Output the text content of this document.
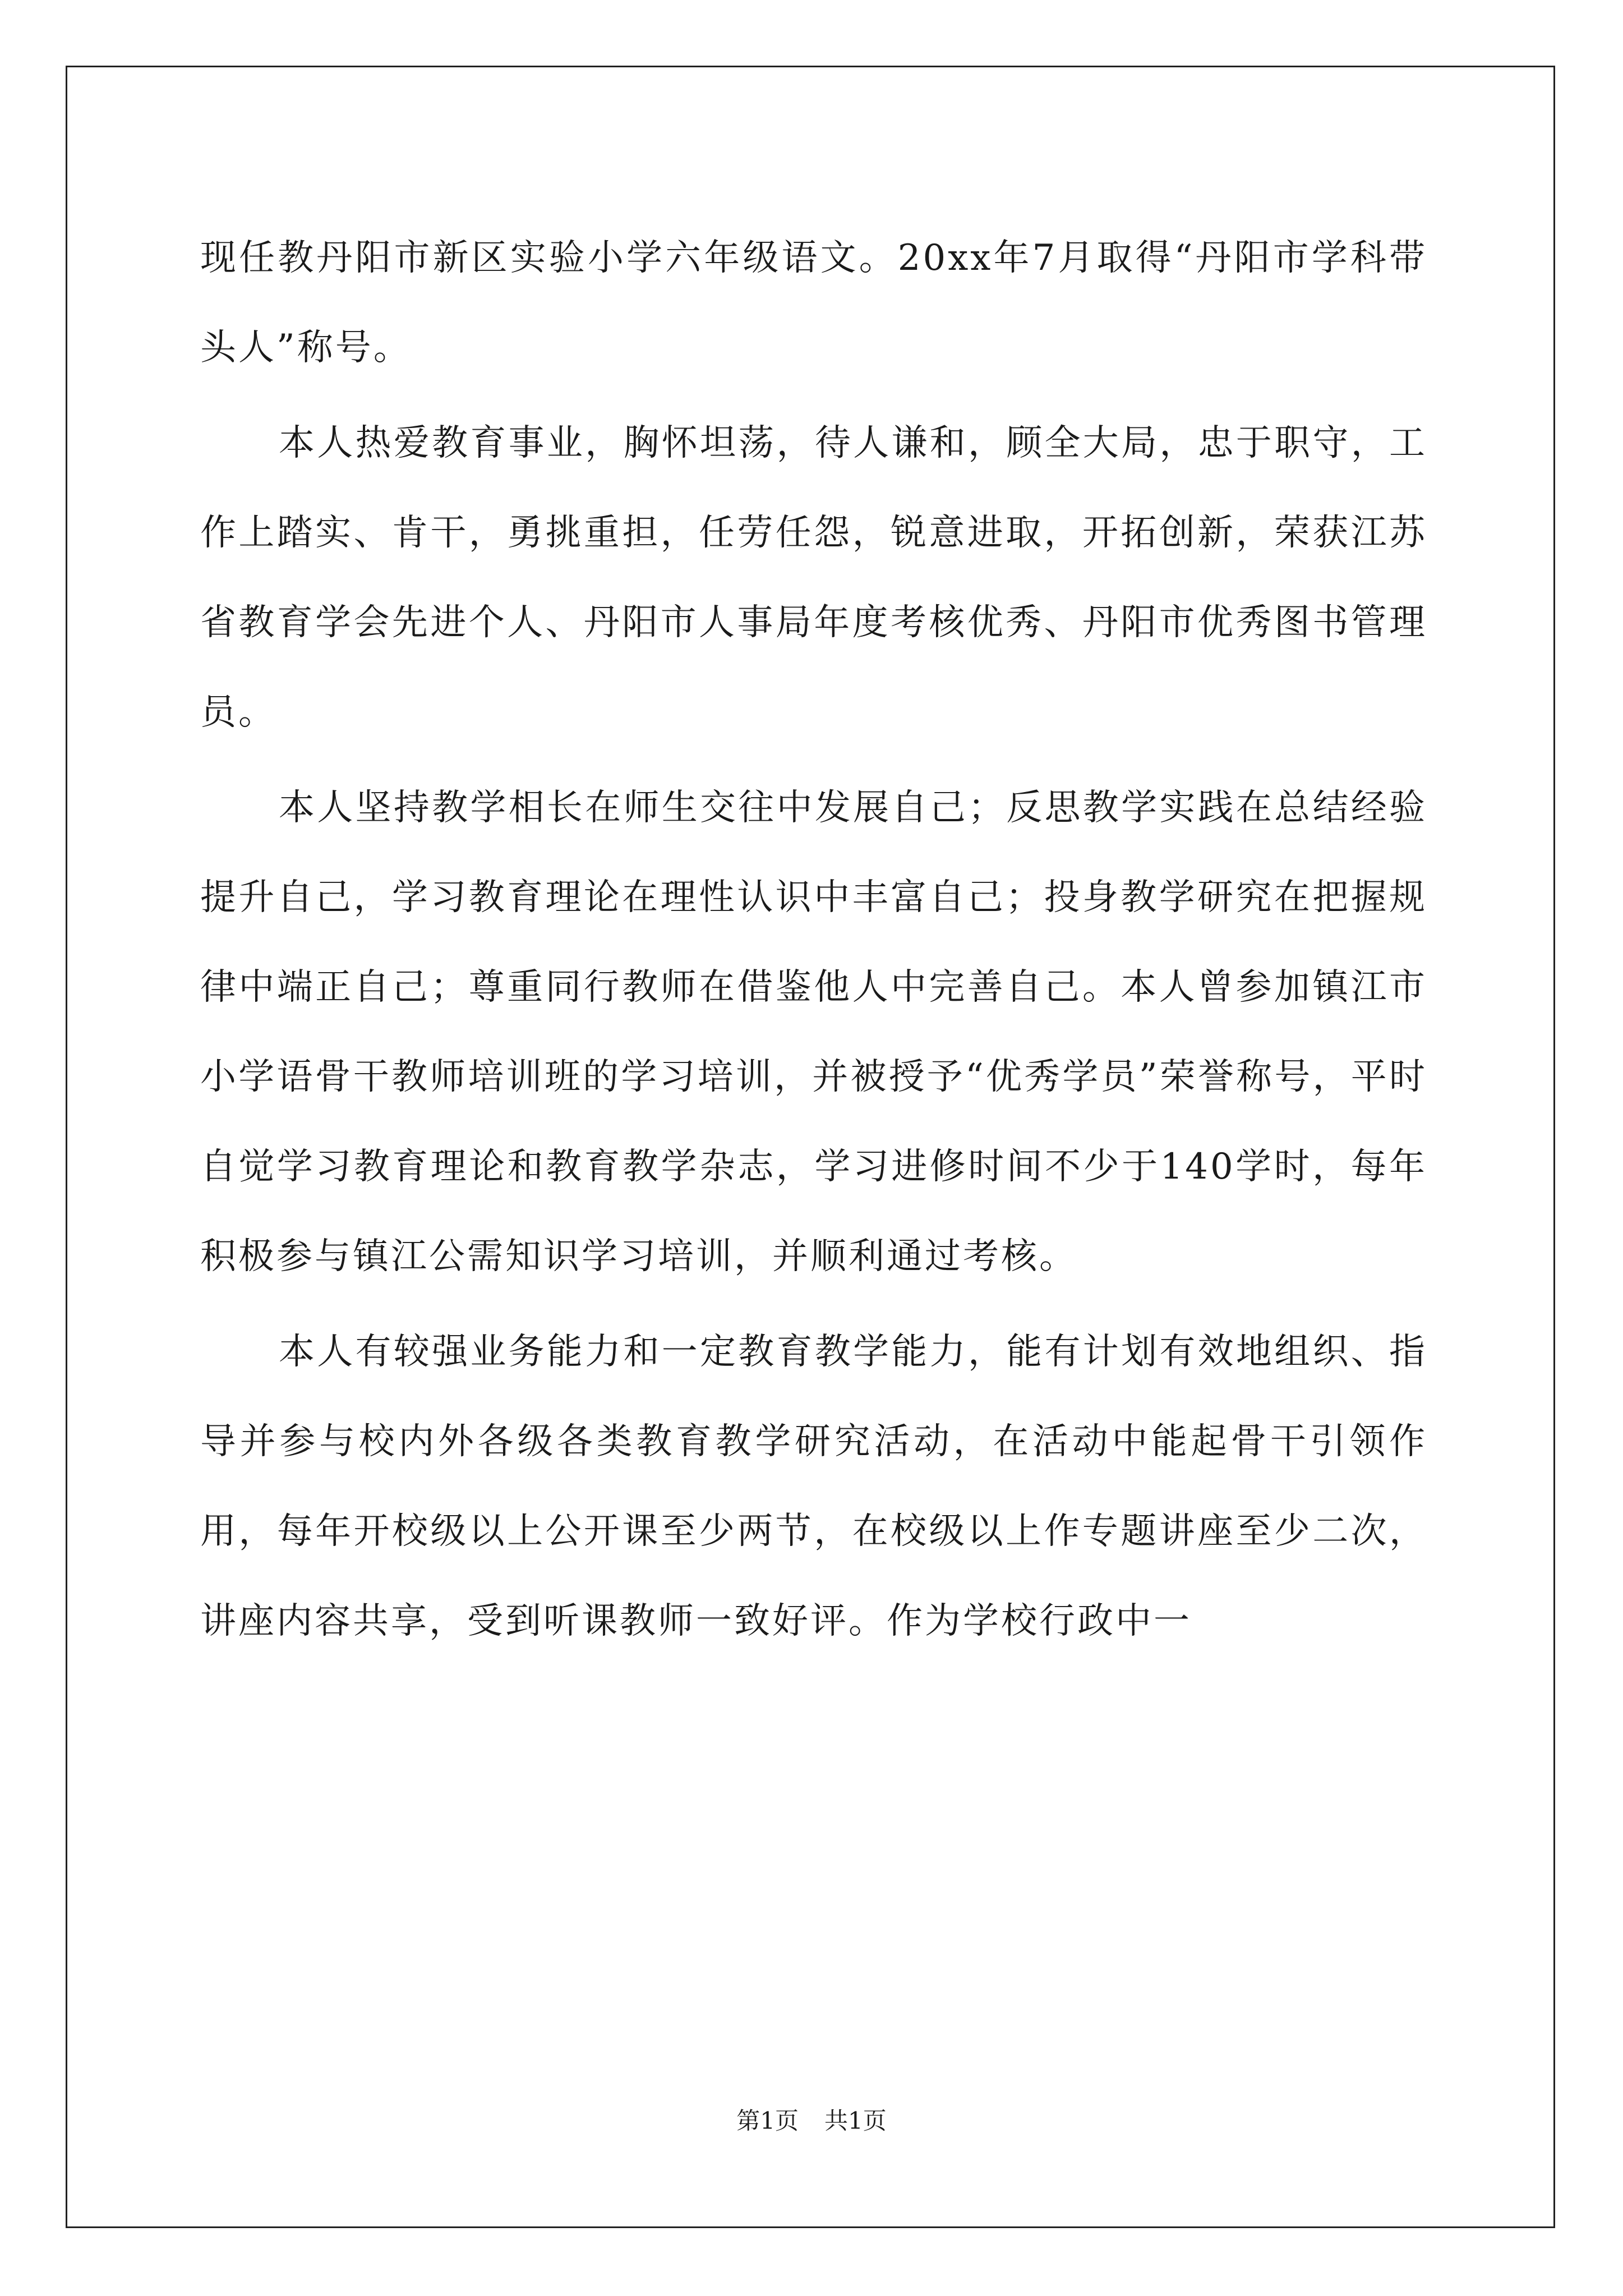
现任教丹阳市新区实验小学六年级语文。20xx年7月取得“丹阳市学科带头人”称号。

本人热爱教育事业，胸怀坦荡，待人谦和，顾全大局，忠于职守，工作上踏实、肯干，勇挑重担，任劳任怨，锐意进取，开拓创新，荣获江苏省教育学会先进个人、丹阳市人事局年度考核优秀、丹阳市优秀图书管理员。

本人坚持教学相长在师生交往中发展自己；反思教学实践在总结经验提升自己，学习教育理论在理性认识中丰富自己；投身教学研究在把握规律中端正自己；尊重同行教师在借鉴他人中完善自己。本人曾参加镇江市小学语骨干教师培训班的学习培训，并被授予“优秀学员”荣誉称号，平时自觉学习教育理论和教育教学杂志，学习进修时间不少于140学时，每年积极参与镇江公需知识学习培训，并顺利通过考核。

本人有较强业务能力和一定教育教学能力，能有计划有效地组织、指导并参与校内外各级各类教育教学研究活动，在活动中能起骨干引领作用，每年开校级以上公开课至少两节，在校级以上作专题讲座至少二次，讲座内容共享，受到听课教师一致好评。作为学校行政中一

第1页 共1页
